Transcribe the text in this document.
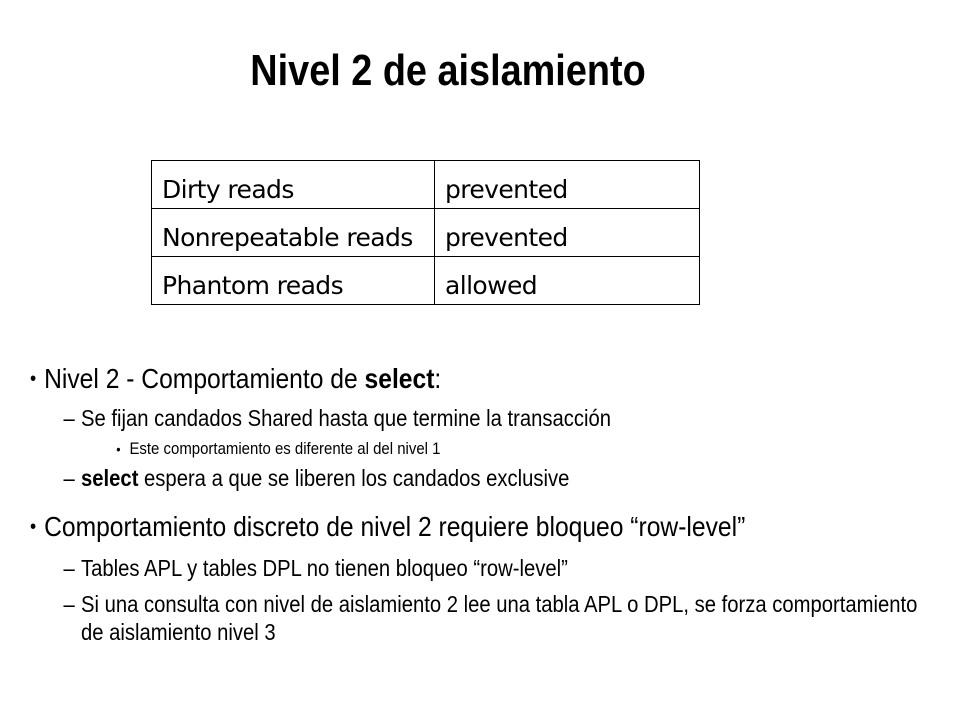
Nivel 2 de aislamiento
Dirty reads	prevented
Nonrepeatable reads	prevented
Phantom reads	allowed
• Nivel 2 - Comportamiento de select:
– Se fijan candados Shared hasta que termine la transacción
• Este comportamiento es diferente al del nivel 1
– select espera a que se liberen los candados exclusive
• Comportamiento discreto de nivel 2 requiere bloqueo “row-level”
– Tables APL y tables DPL no tienen bloqueo “row-level”
– Si una consulta con nivel de aislamiento 2 lee una tabla APL o DPL, se forza comportamiento de aislamiento nivel 3
